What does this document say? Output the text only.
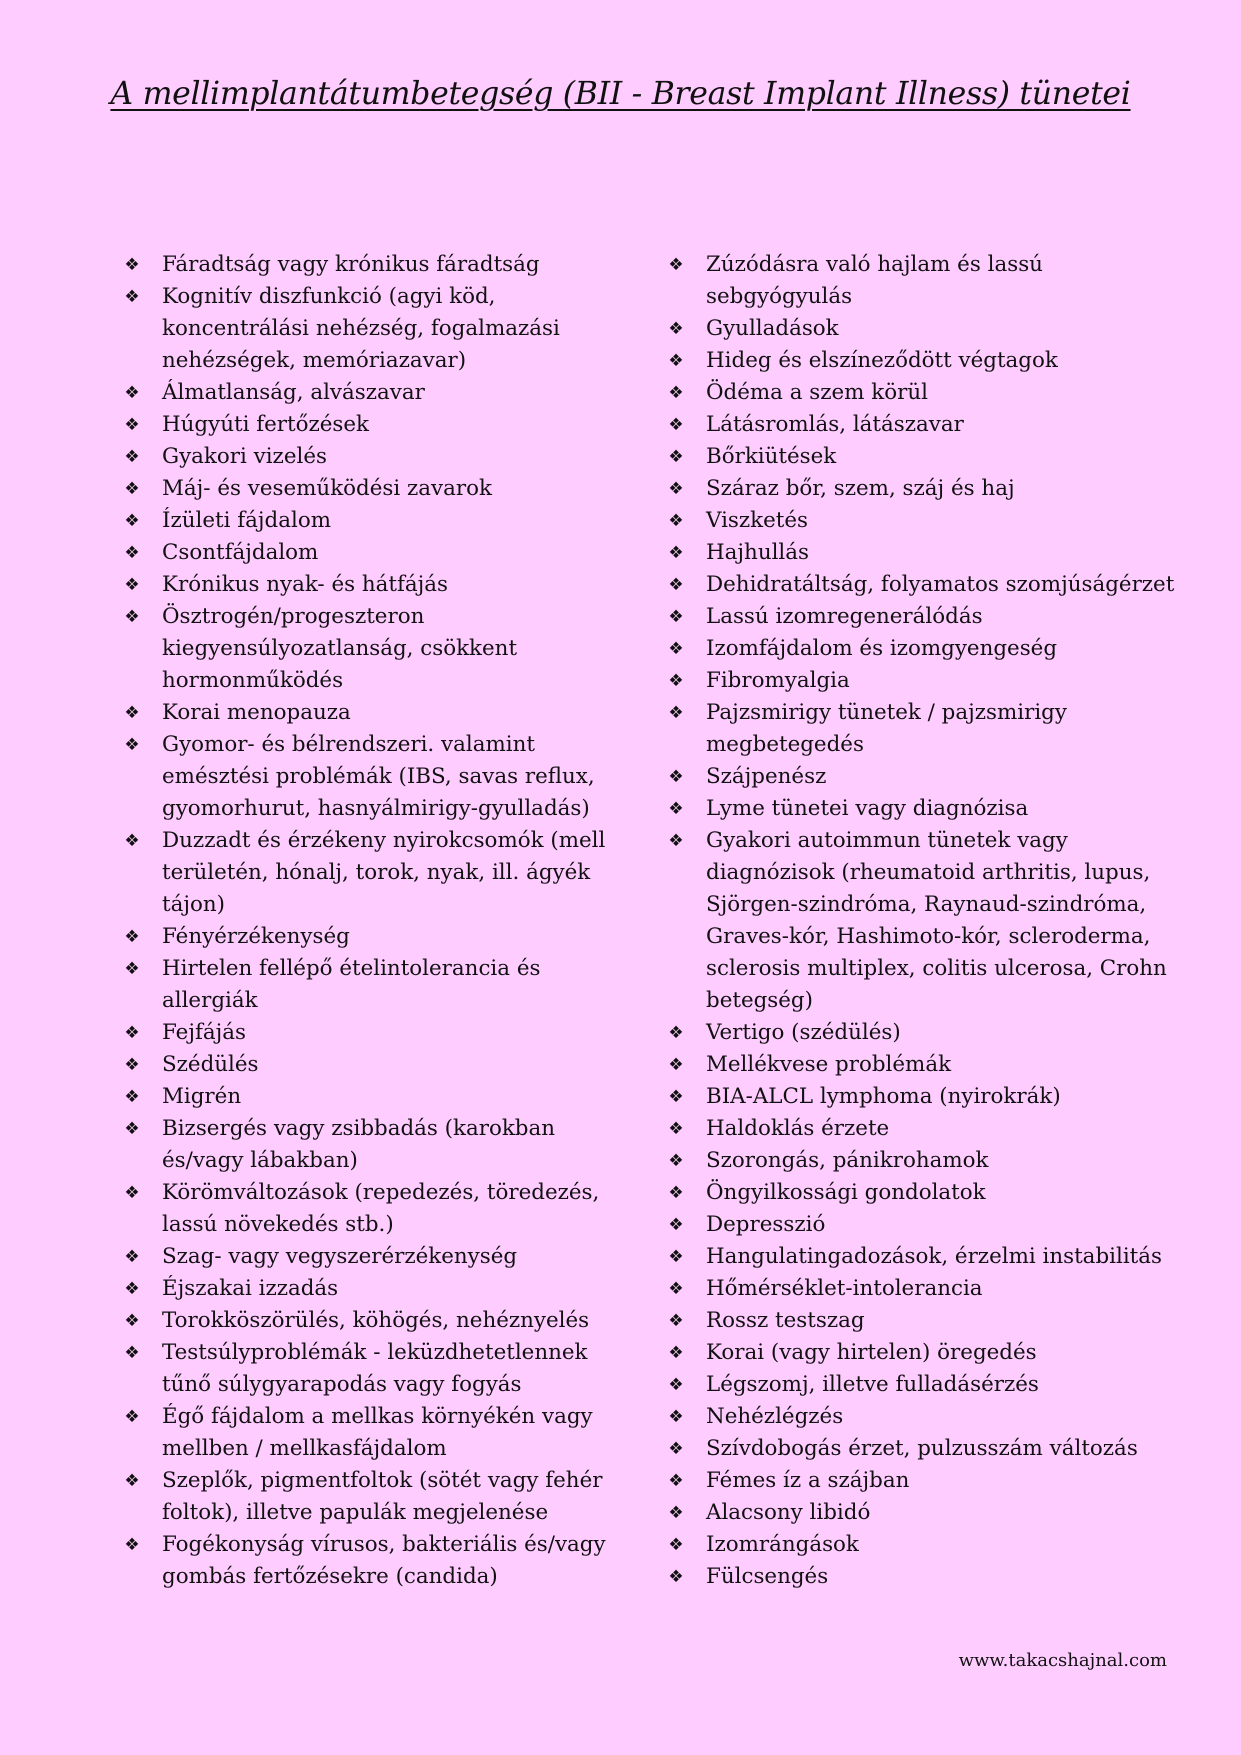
A mellimplantátumbetegség (BII - Breast Implant Illness) tünetei
❖ Fáradtság vagy krónikus fáradtság
❖ Kognitív diszfunkció (agyi köd, koncentrálási nehézség, fogalmazási nehézségek, memóriazavar)
❖ Álmatlanság, alvászavar
❖ Húgyúti fertőzések
❖ Gyakori vizelés
❖ Máj- és veseműködési zavarok
❖ Ízületi fájdalom
❖ Csontfájdalom
❖ Krónikus nyak- és hátfájás
❖ Ösztrogén/progeszteron kiegyensúlyozatlanság, csökkent hormonműködés
❖ Korai menopauza
❖ Gyomor- és bélrendszeri. valamint emésztési problémák (IBS, savas reflux, gyomorhurut, hasnyálmirigy-gyulladás)
❖ Duzzadt és érzékeny nyirokcsomók (mell területén, hónalj, torok, nyak, ill. ágyék tájon)
❖ Fényérzékenység
❖ Hirtelen fellépő ételintolerancia és allergiák
❖ Fejfájás
❖ Szédülés
❖ Migrén
❖ Bizsergés vagy zsibbadás (karokban és/vagy lábakban)
❖ Körömváltozások (repedezés, töredezés, lassú növekedés stb.)
❖ Szag- vagy vegyszerérzékenység
❖ Éjszakai izzadás
❖ Torokköszörülés, köhögés, nehéznyelés
❖ Testsúlyproblémák - leküzdhetetlennek tűnő súlygyarapodás vagy fogyás
❖ Égő fájdalom a mellkas környékén vagy mellben / mellkasfájdalom
❖ Szeplők, pigmentfoltok (sötét vagy fehér foltok), illetve papulák megjelenése
❖ Fogékonyság vírusos, bakteriális és/vagy gombás fertőzésekre (candida)
❖ Zúzódásra való hajlam és lassú sebgyógyulás
❖ Gyulladások
❖ Hideg és elszíneződött végtagok
❖ Ödéma a szem körül
❖ Látásromlás, látászavar
❖ Bőrkiütések
❖ Száraz bőr, szem, száj és haj
❖ Viszketés
❖ Hajhullás
❖ Dehidratáltság, folyamatos szomjúságérzet
❖ Lassú izomregenerálódás
❖ Izomfájdalom és izomgyengeség
❖ Fibromyalgia
❖ Pajzsmirigy tünetek / pajzsmirigy megbetegedés
❖ Szájpenész
❖ Lyme tünetei vagy diagnózisa
❖ Gyakori autoimmun tünetek vagy diagnózisok (rheumatoid arthritis, lupus, Sjörgen-szindróma, Raynaud-szindróma, Graves-kór, Hashimoto-kór, scleroderma, sclerosis multiplex, colitis ulcerosa, Crohn betegség)
❖ Vertigo (szédülés)
❖ Mellékvese problémák
❖ BIA-ALCL lymphoma (nyirokrák)
❖ Haldoklás érzete
❖ Szorongás, pánikrohamok
❖ Öngyilkossági gondolatok
❖ Depresszió
❖ Hangulatingadozások, érzelmi instabilitás
❖ Hőmérséklet-intolerancia
❖ Rossz testszag
❖ Korai (vagy hirtelen) öregedés
❖ Légszomj, illetve fulladásérzés
❖ Nehézlégzés
❖ Szívdobogás érzet, pulzusszám változás
❖ Fémes íz a szájban
❖ Alacsony libidó
❖ Izomrángások
❖ Fülcsengés
www.takacshajnal.com
